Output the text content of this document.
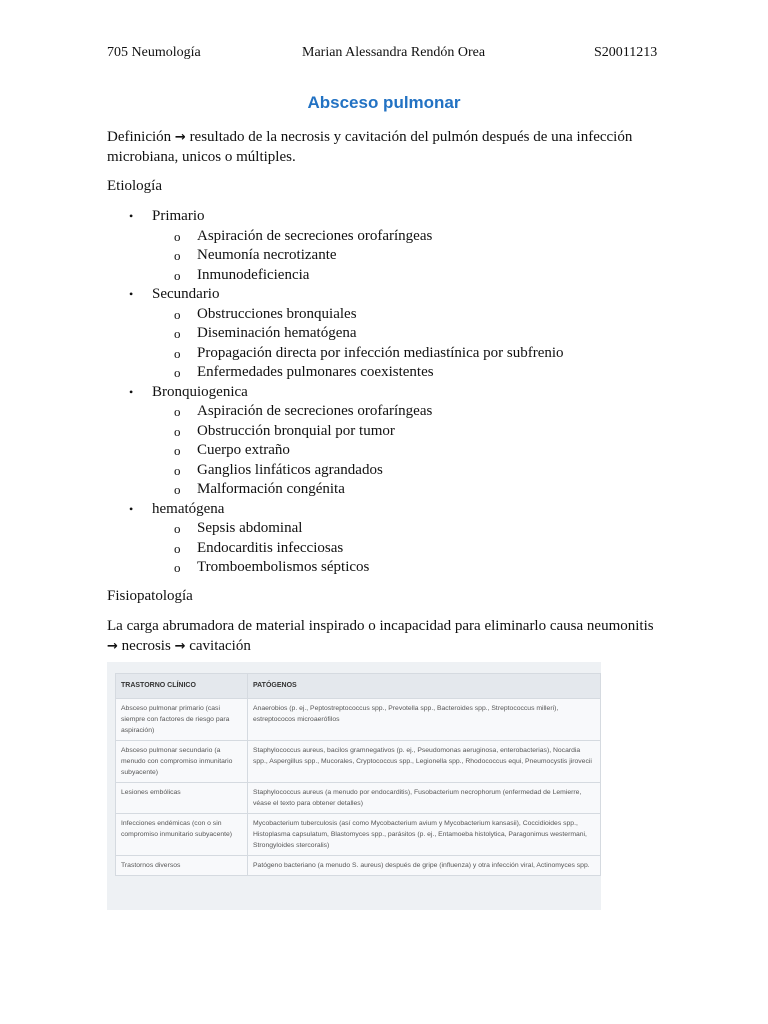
705 Neumología	Marian Alessandra Rendón Orea	S20011213
Absceso pulmonar
Definición → resultado de la necrosis y cavitación del pulmón después de una infección microbiana, unicos o múltiples.
Etiología
• Primario
o Aspiración de secreciones orofaríngeas
o Neumonía necrotizante
o Inmunodeficiencia
• Secundario
o Obstrucciones bronquiales
o Diseminación hematógena
o Propagación directa por infección mediastínica por subfrenio
o Enfermedades pulmonares coexistentes
• Bronquiogenica
o Aspiración de secreciones orofaríngeas
o Obstrucción bronquial por tumor
o Cuerpo extraño
o Ganglios linfáticos agrandados
o Malformación congénita
• hematógena
o Sepsis abdominal
o Endocarditis infecciosas
o Tromboembolismos sépticos
Fisiopatología
La carga abrumadora de material inspirado o incapacidad para eliminarlo causa neumonitis
→ necrosis → cavitación
TRASTORNO CLÍNICO	PATÓGENOS
Absceso pulmonar primario (casi siempre con factores de riesgo para aspiración)	Anaerobios (p. ej., Peptostreptococcus spp., Prevotella spp., Bacteroides spp., Streptococcus milleri), estreptococos microaerófilos
Absceso pulmonar secundario (a menudo con compromiso inmunitario subyacente)	Staphylococcus aureus, bacilos gramnegativos (p. ej., Pseudomonas aeruginosa, enterobacterias), Nocardia spp., Aspergillus spp., Mucorales, Cryptococcus spp., Legionella spp., Rhodococcus equi, Pneumocystis jirovecii
Lesiones embólicas	Staphylococcus aureus (a menudo por endocarditis), Fusobacterium necrophorum (enfermedad de Lemierre, véase el texto para obtener detalles)
Infecciones endémicas (con o sin compromiso inmunitario subyacente)	Mycobacterium tuberculosis (así como Mycobacterium avium y Mycobacterium kansasii), Coccidioides spp., Histoplasma capsulatum, Blastomyces spp., parásitos (p. ej., Entamoeba histolytica, Paragonimus westermani, Strongyloides stercoralis)
Trastornos diversos	Patógeno bacteriano (a menudo S. aureus) después de gripe (influenza) y otra infección viral, Actinomyces spp.
